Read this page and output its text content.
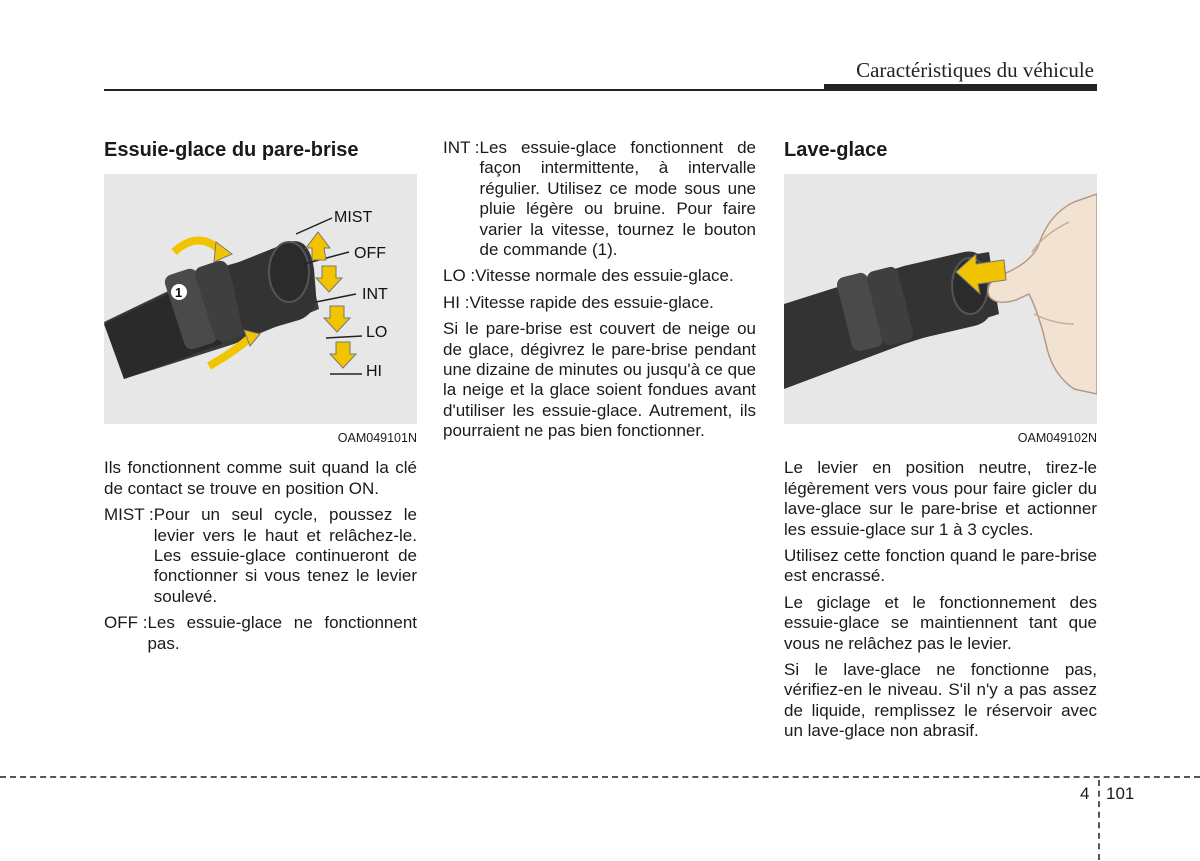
Caractéristiques du véhicule
Essuie-glace du pare-brise
1
MIST
OFF
INT
LO
HI
OAM049101N

Ils fonctionnent comme suit quand la clé de contact se trouve en position ON.

MIST : Pour un seul cycle, poussez le levier vers le haut et relâchez-le. Les essuie-glace continueront de fonctionner si vous tenez le levier soulevé.
OFF : Les essuie-glace ne fonctionnent pas.
INT : Les essuie-glace fonctionnent de façon intermittente, à intervalle régulier. Utilisez ce mode sous une pluie légère ou bruine. Pour faire varier la vitesse, tournez le bouton de commande (1).
LO : Vitesse normale des essuie-glace.
HI : Vitesse rapide des essuie-glace.

Si le pare-brise est couvert de neige ou de glace, dégivrez le pare-brise pendant une dizaine de minutes ou jusqu'à ce que la neige et la glace soient fondues avant d'utiliser les essuie-glace. Autrement, ils pourraient ne pas bien fonctionner.

Lave-glace
OAM049102N

Le levier en position neutre, tirez-le légèrement vers vous pour faire gicler du lave-glace sur le pare-brise et actionner les essuie-glace sur 1 à 3 cycles.

Utilisez cette fonction quand le pare-brise est encrassé.

Le giclage et le fonctionnement des essuie-glace se maintiennent tant que vous ne relâchez pas le levier.

Si le lave-glace ne fonctionne pas, vérifiez-en le niveau. S'il n'y a pas assez de liquide, remplissez le réservoir avec un lave-glace non abrasif.

4 101
